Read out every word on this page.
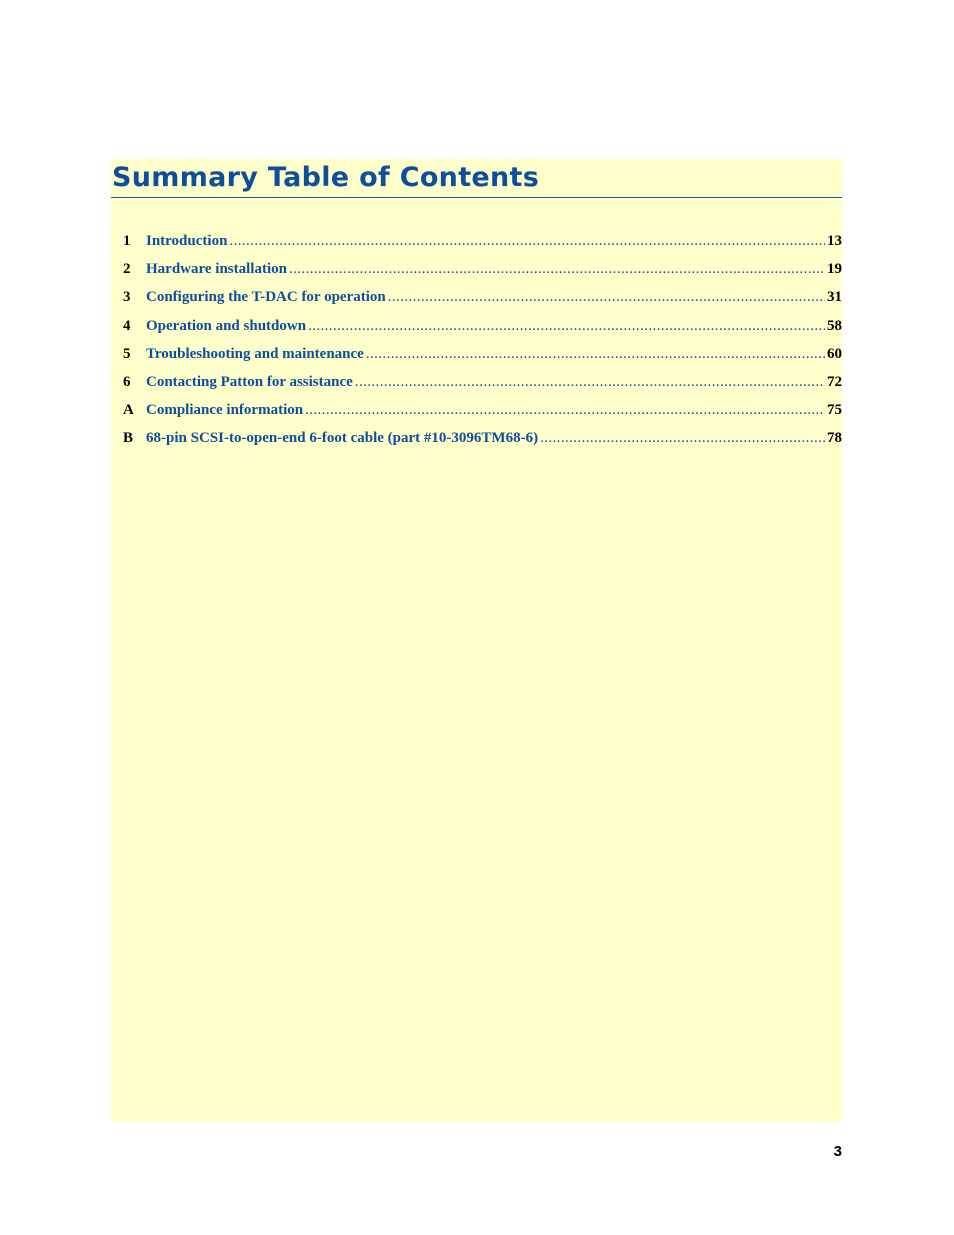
Summary Table of Contents
1	Introduction .....	13
2	Hardware installation .....	19
3	Configuring the T-DAC for operation .....	31
4	Operation and shutdown .....	58
5	Troubleshooting and maintenance .....	60
6	Contacting Patton for assistance .....	72
A Compliance information .....	75
B 68-pin SCSI-to-open-end 6-foot cable (part #10-3096TM68-6) .....	78
3
